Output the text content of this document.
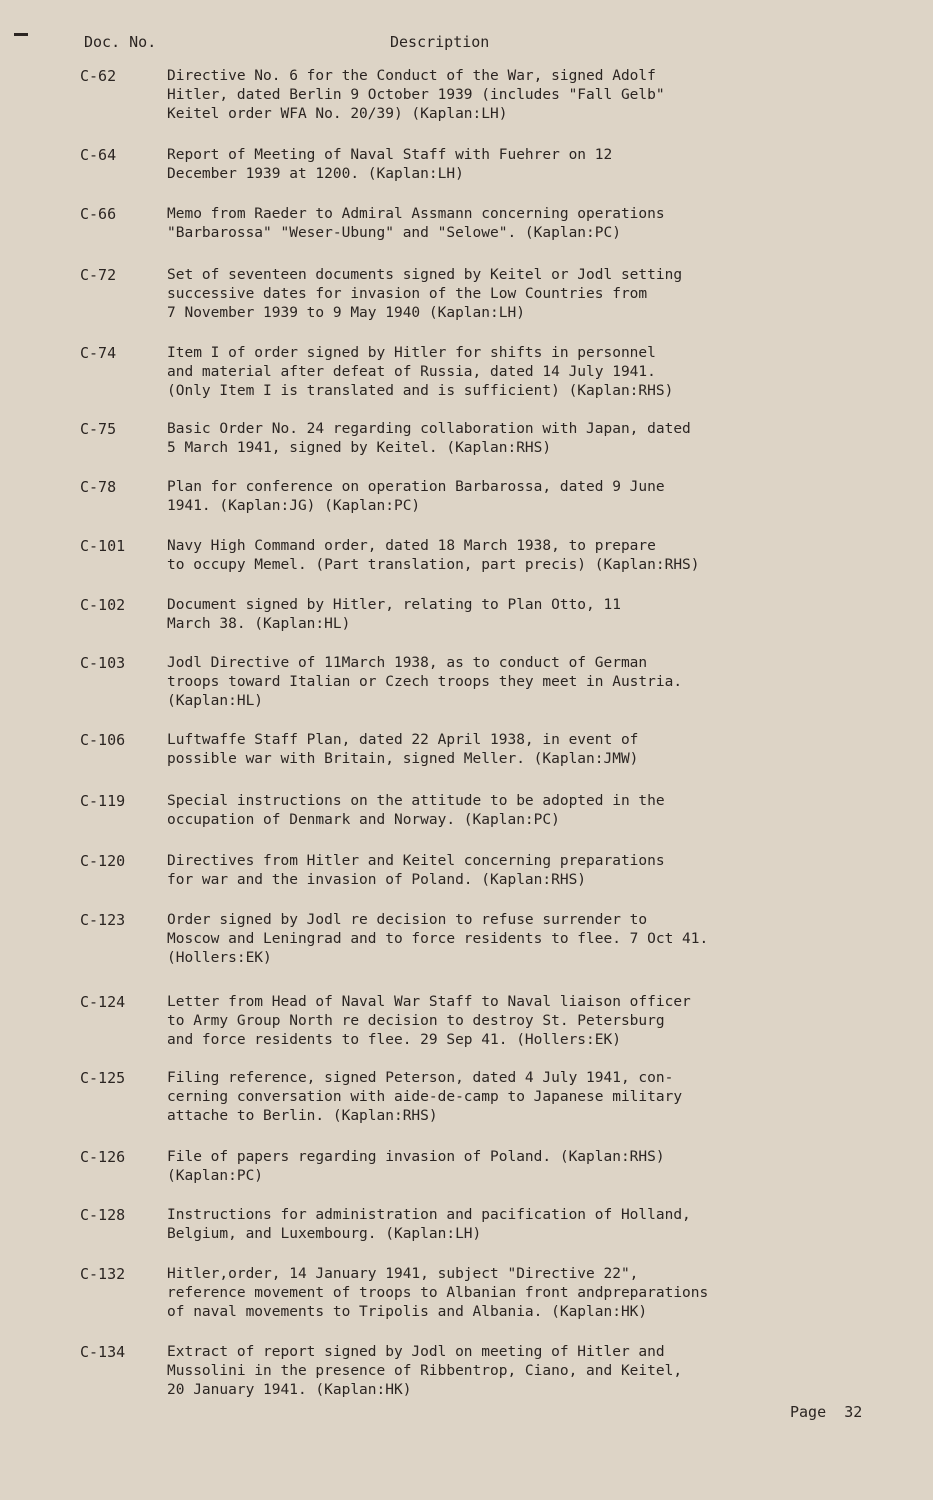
Doc. No.	Description
C-62	Directive No. 6 for the Conduct of the War, signed Adolf
Hitler, dated Berlin 9 October 1939 (includes "Fall Gelb"
Keitel order WFA No. 20/39) (Kaplan:LH)
C-64	Report of Meeting of Naval Staff with Fuehrer on 12
December 1939 at 1200. (Kaplan:LH)
C-66	Memo from Raeder to Admiral Assmann concerning operations
"Barbarossa" "Weser-Ubung" and "Selowe". (Kaplan:PC)
C-72	Set of seventeen documents signed by Keitel or Jodl setting
successive dates for invasion of the Low Countries from
7 November 1939 to 9 May 1940 (Kaplan:LH)
C-74	Item I of order signed by Hitler for shifts in personnel
and material after defeat of Russia, dated 14 July 1941.
(Only Item I is translated and is sufficient) (Kaplan:RHS)
C-75	Basic Order No. 24 regarding collaboration with Japan, dated
5 March 1941, signed by Keitel. (Kaplan:RHS)
C-78	Plan for conference on operation Barbarossa, dated 9 June
1941. (Kaplan:JG) (Kaplan:PC)
C-101	Navy High Command order, dated 18 March 1938, to prepare
to occupy Memel. (Part translation, part precis) (Kaplan:RHS)
C-102	Document signed by Hitler, relating to Plan Otto, 11
March 38. (Kaplan:HL)
C-103	Jodl Directive of 11March 1938, as to conduct of German
troops toward Italian or Czech troops they meet in Austria.
(Kaplan:HL)
C-106	Luftwaffe Staff Plan, dated 22 April 1938, in event of
possible war with Britain, signed Meller. (Kaplan:JMW)
C-119	Special instructions on the attitude to be adopted in the
occupation of Denmark and Norway. (Kaplan:PC)
C-120	Directives from Hitler and Keitel concerning preparations
for war and the invasion of Poland. (Kaplan:RHS)
C-123	Order signed by Jodl re decision to refuse surrender to
Moscow and Leningrad and to force residents to flee. 7 Oct 41.
(Hollers:EK)
C-124	Letter from Head of Naval War Staff to Naval liaison officer
to Army Group North re decision to destroy St. Petersburg
and force residents to flee. 29 Sep 41. (Hollers:EK)
C-125	Filing reference, signed Peterson, dated 4 July 1941, con-
cerning conversation with aide-de-camp to Japanese military
attache to Berlin. (Kaplan:RHS)
C-126	File of papers regarding invasion of Poland. (Kaplan:RHS)
(Kaplan:PC)
C-128	Instructions for administration and pacification of Holland,
Belgium, and Luxembourg. (Kaplan:LH)
C-132	Hitler,order, 14 January 1941, subject "Directive 22",
reference movement of troops to Albanian front andpreparations
of naval movements to Tripolis and Albania. (Kaplan:HK)
C-134	Extract of report signed by Jodl on meeting of Hitler and
Mussolini in the presence of Ribbentrop, Ciano, and Keitel,
20 January 1941. (Kaplan:HK)
Page 32
